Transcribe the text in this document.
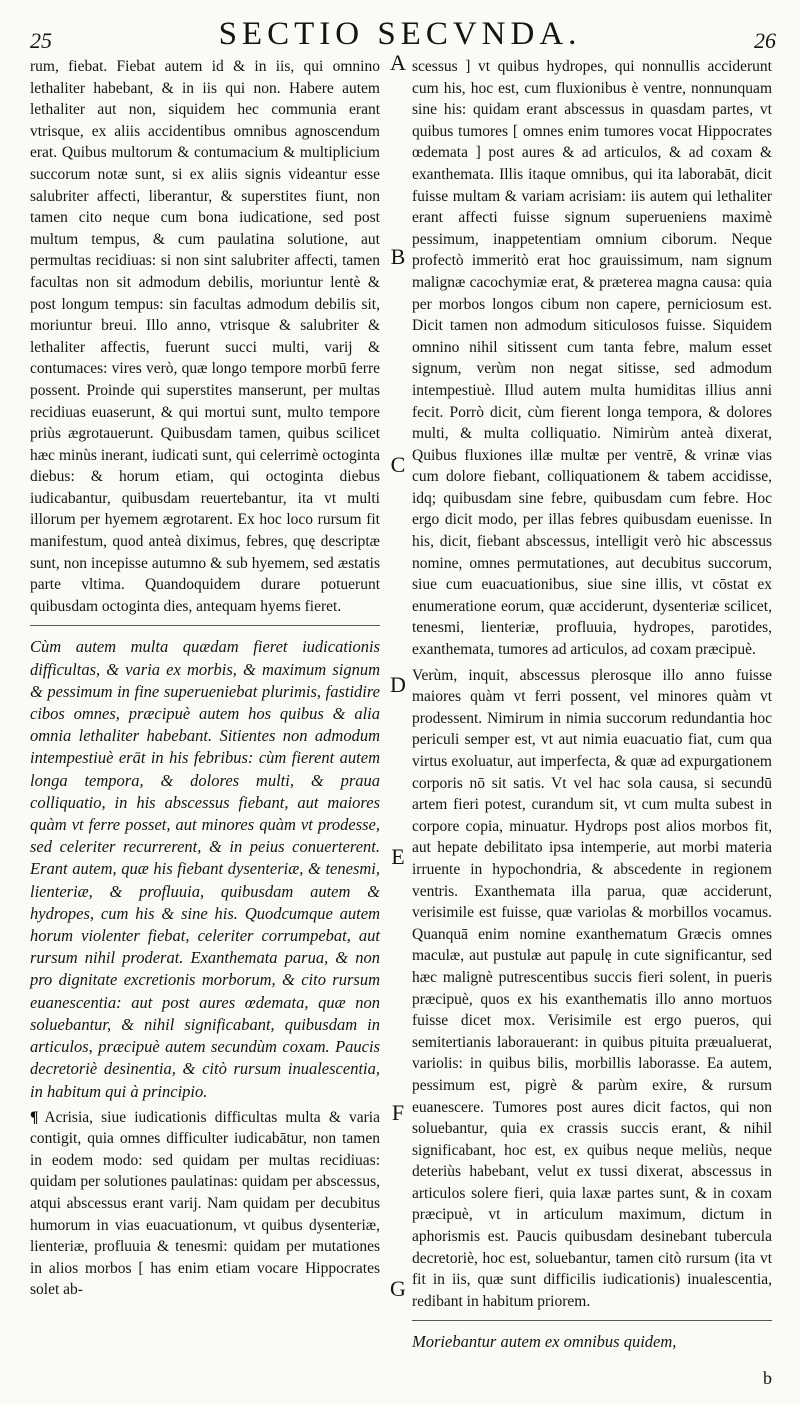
25	SECTIO SECVNDA.	26

rum, fiebat. Fiebat autem id & in iis, qui omnino lethaliter habebant, & in iis qui non. Habere autem lethaliter aut non, siquidem hec communia erant vtrisque, ex aliis accidentibus omnibus agnoscendum erat. Quibus multorum & contumacium & multiplicium succorum notæ sunt, si ex aliis signis videantur esse salubriter affecti, liberantur, & superstites fiunt, non tamen cito neque cum bona iudicatione, sed post multum tempus, & cum paulatina solutione, aut permultas recidiuas: si non sint salubriter affecti, tamen facultas non sit admodum debilis, moriuntur lentè & post longum tempus: sin facultas admodum debilis sit, moriuntur breui. Illo anno, vtrisque & salubriter & lethaliter affectis, fuerunt succi multi, varij & contumaces: vires verò, quæ longo tempore morbū ferre possent. Proinde qui superstites manserunt, per multas recidiuas euaserunt, & qui mortui sunt, multo tempore priùs ægrotauerunt. Quibusdam tamen, quibus scilicet hæc minùs inerant, iudicati sunt, qui celerrimè octoginta diebus: & horum etiam, qui octoginta diebus iudicabantur, quibusdam reuertebantur, ita vt multi illorum per hyemem ægrotarent. Ex hoc loco rursum fit manifestum, quod anteà diximus, febres, quę descriptæ sunt, non incepisse autumno & sub hyemem, sed æstatis parte vltima. Quandoquidem durare potuerunt quibusdam octoginta dies, antequam hyems fieret.

Cùm autem multa quædam fieret iudicationis difficultas, & varia ex morbis, & maximum signum & pessimum in fine superueniebat plurimis, fastidire cibos omnes, præcipuè autem hos quibus & alia omnia lethaliter habebant. Sitientes non admodum intempestiuè erāt in his febribus: cùm fierent autem longa tempora, & dolores multi, & praua colliquatio, in his abscessus fiebant, aut maiores quàm vt ferre posset, aut minores quàm vt prodesse, sed celeriter recurrerent, & in peius conuerterent. Erant autem, quæ his fiebant dysenteriæ, & tenesmi, lienteriæ, & profluuia, quibusdam autem & hydropes, cum his & sine his. Quodcumque autem horum violenter fiebat, celeriter corrumpebat, aut rursum nihil proderat. Exanthemata parua, & non pro dignitate excretionis morborum, & cito rursum euanescentia: aut post aures œdemata, quæ non soluebantur, & nihil significabant, quibusdam in articulos, præcipuè autem secundùm coxam. Paucis decretoriè desinentia, & citò rursum inualescentia, in habitum qui à principio.

¶ Acrisia, siue iudicationis difficultas multa & varia contigit, quia omnes difficulter iudicabātur, non tamen in eodem modo: sed quidam per multas recidiuas: quidam per solutiones paulatinas: quidam per abscessus, atqui abscessus erant varij. Nam quidam per decubitus humorum in vias euacuationum, vt quibus dysenteriæ, lienteriæ, profluuia & tenesmi: quidam per mutationes in alios morbos [ has enim etiam vocare Hippocrates solet ab-

A
B
C
D
E
F
G

scessus ] vt quibus hydropes, qui nonnullis acciderunt cum his, hoc est, cum fluxionibus è ventre, nonnunquam sine his: quidam erant abscessus in quasdam partes, vt quibus tumores [ omnes enim tumores vocat Hippocrates œdemata ] post aures & ad articulos, & ad coxam & exanthemata. Illis itaque omnibus, qui ita laborabāt, dicit fuisse multam & variam acrisiam: iis autem qui lethaliter erant affecti fuisse signum superueniens maximè pessimum, inappetentiam omnium ciborum. Neque profectò immeritò erat hoc grauissimum, nam signum malignæ cacochymiæ erat, & præterea magna causa: quia per morbos longos cibum non capere, perniciosum est. Dicit tamen non admodum siticulosos fuisse. Siquidem omnino nihil sitissent cum tanta febre, malum esset signum, verùm non negat sitisse, sed admodum intempestiuè. Illud autem multa humiditas illius anni fecit. Porrò dicit, cùm fierent longa tempora, & dolores multi, & multa colliquatio. Nimirùm anteà dixerat, Quibus fluxiones illæ multæ per ventrē, & vrinæ vias cum dolore fiebant, colliquationem & tabem accidisse, idq; quibusdam sine febre, quibusdam cum febre. Hoc ergo dicit modo, per illas febres quibusdam euenisse. In his, dicit, fiebant abscessus, intelligit verò hic abscessus nomine, omnes permutationes, aut decubitus succorum, siue cum euacuationibus, siue sine illis, vt cōstat ex enumeratione eorum, quæ acciderunt, dysenteriæ scilicet, tenesmi, lienteriæ, profluuia, hydropes, parotides, exanthemata, tumores ad articulos, ad coxam præcipuè.

Verùm, inquit, abscessus plerosque illo anno fuisse maiores quàm vt ferri possent, vel minores quàm vt prodessent. Nimirum in nimia succorum redundantia hoc periculi semper est, vt aut nimia euacuatio fiat, cum qua virtus exoluatur, aut imperfecta, & quæ ad expurgationem corporis nō sit satis. Vt vel hac sola causa, si secundū artem fieri potest, curandum sit, vt cum multa subest in corpore copia, minuatur. Hydrops post alios morbos fit, aut hepate debilitato ipsa intemperie, aut morbi materia irruente in hypochondria, & abscedente in regionem ventris. Exanthemata illa parua, quæ acciderunt, verisimile est fuisse, quæ variolas & morbillos vocamus. Quanquā enim nomine exanthematum Græcis omnes maculæ, aut pustulæ aut papulę in cute significantur, sed hæc malignè putrescentibus succis fieri solent, in pueris præcipuè, quos ex his exanthematis illo anno mortuos fuisse dicet mox. Verisimile est ergo pueros, qui semitertianis laborauerant: in quibus pituita præualuerat, variolis: in quibus bilis, morbillis laborasse. Ea autem, pessimum est, pigrè & parùm exire, & rursum euanescere. Tumores post aures dicit factos, qui non soluebantur, quia ex crassis succis erant, & nihil significabant, hoc est, ex quibus neque meliùs, neque deteriùs habebant, velut ex tussi dixerat, abscessus in articulos solere fieri, quia laxæ partes sunt, & in coxam præcipuè, vt in articulum maximum, dictum in aphorismis est. Paucis quibusdam desinebant tubercula decretoriè, hoc est, soluebantur, tamen citò rursum (ita vt fit in iis, quæ sunt difficilis iudicationis) inualescentia, redibant in habitum priorem.

Moriebantur autem ex omnibus quidem,

b
